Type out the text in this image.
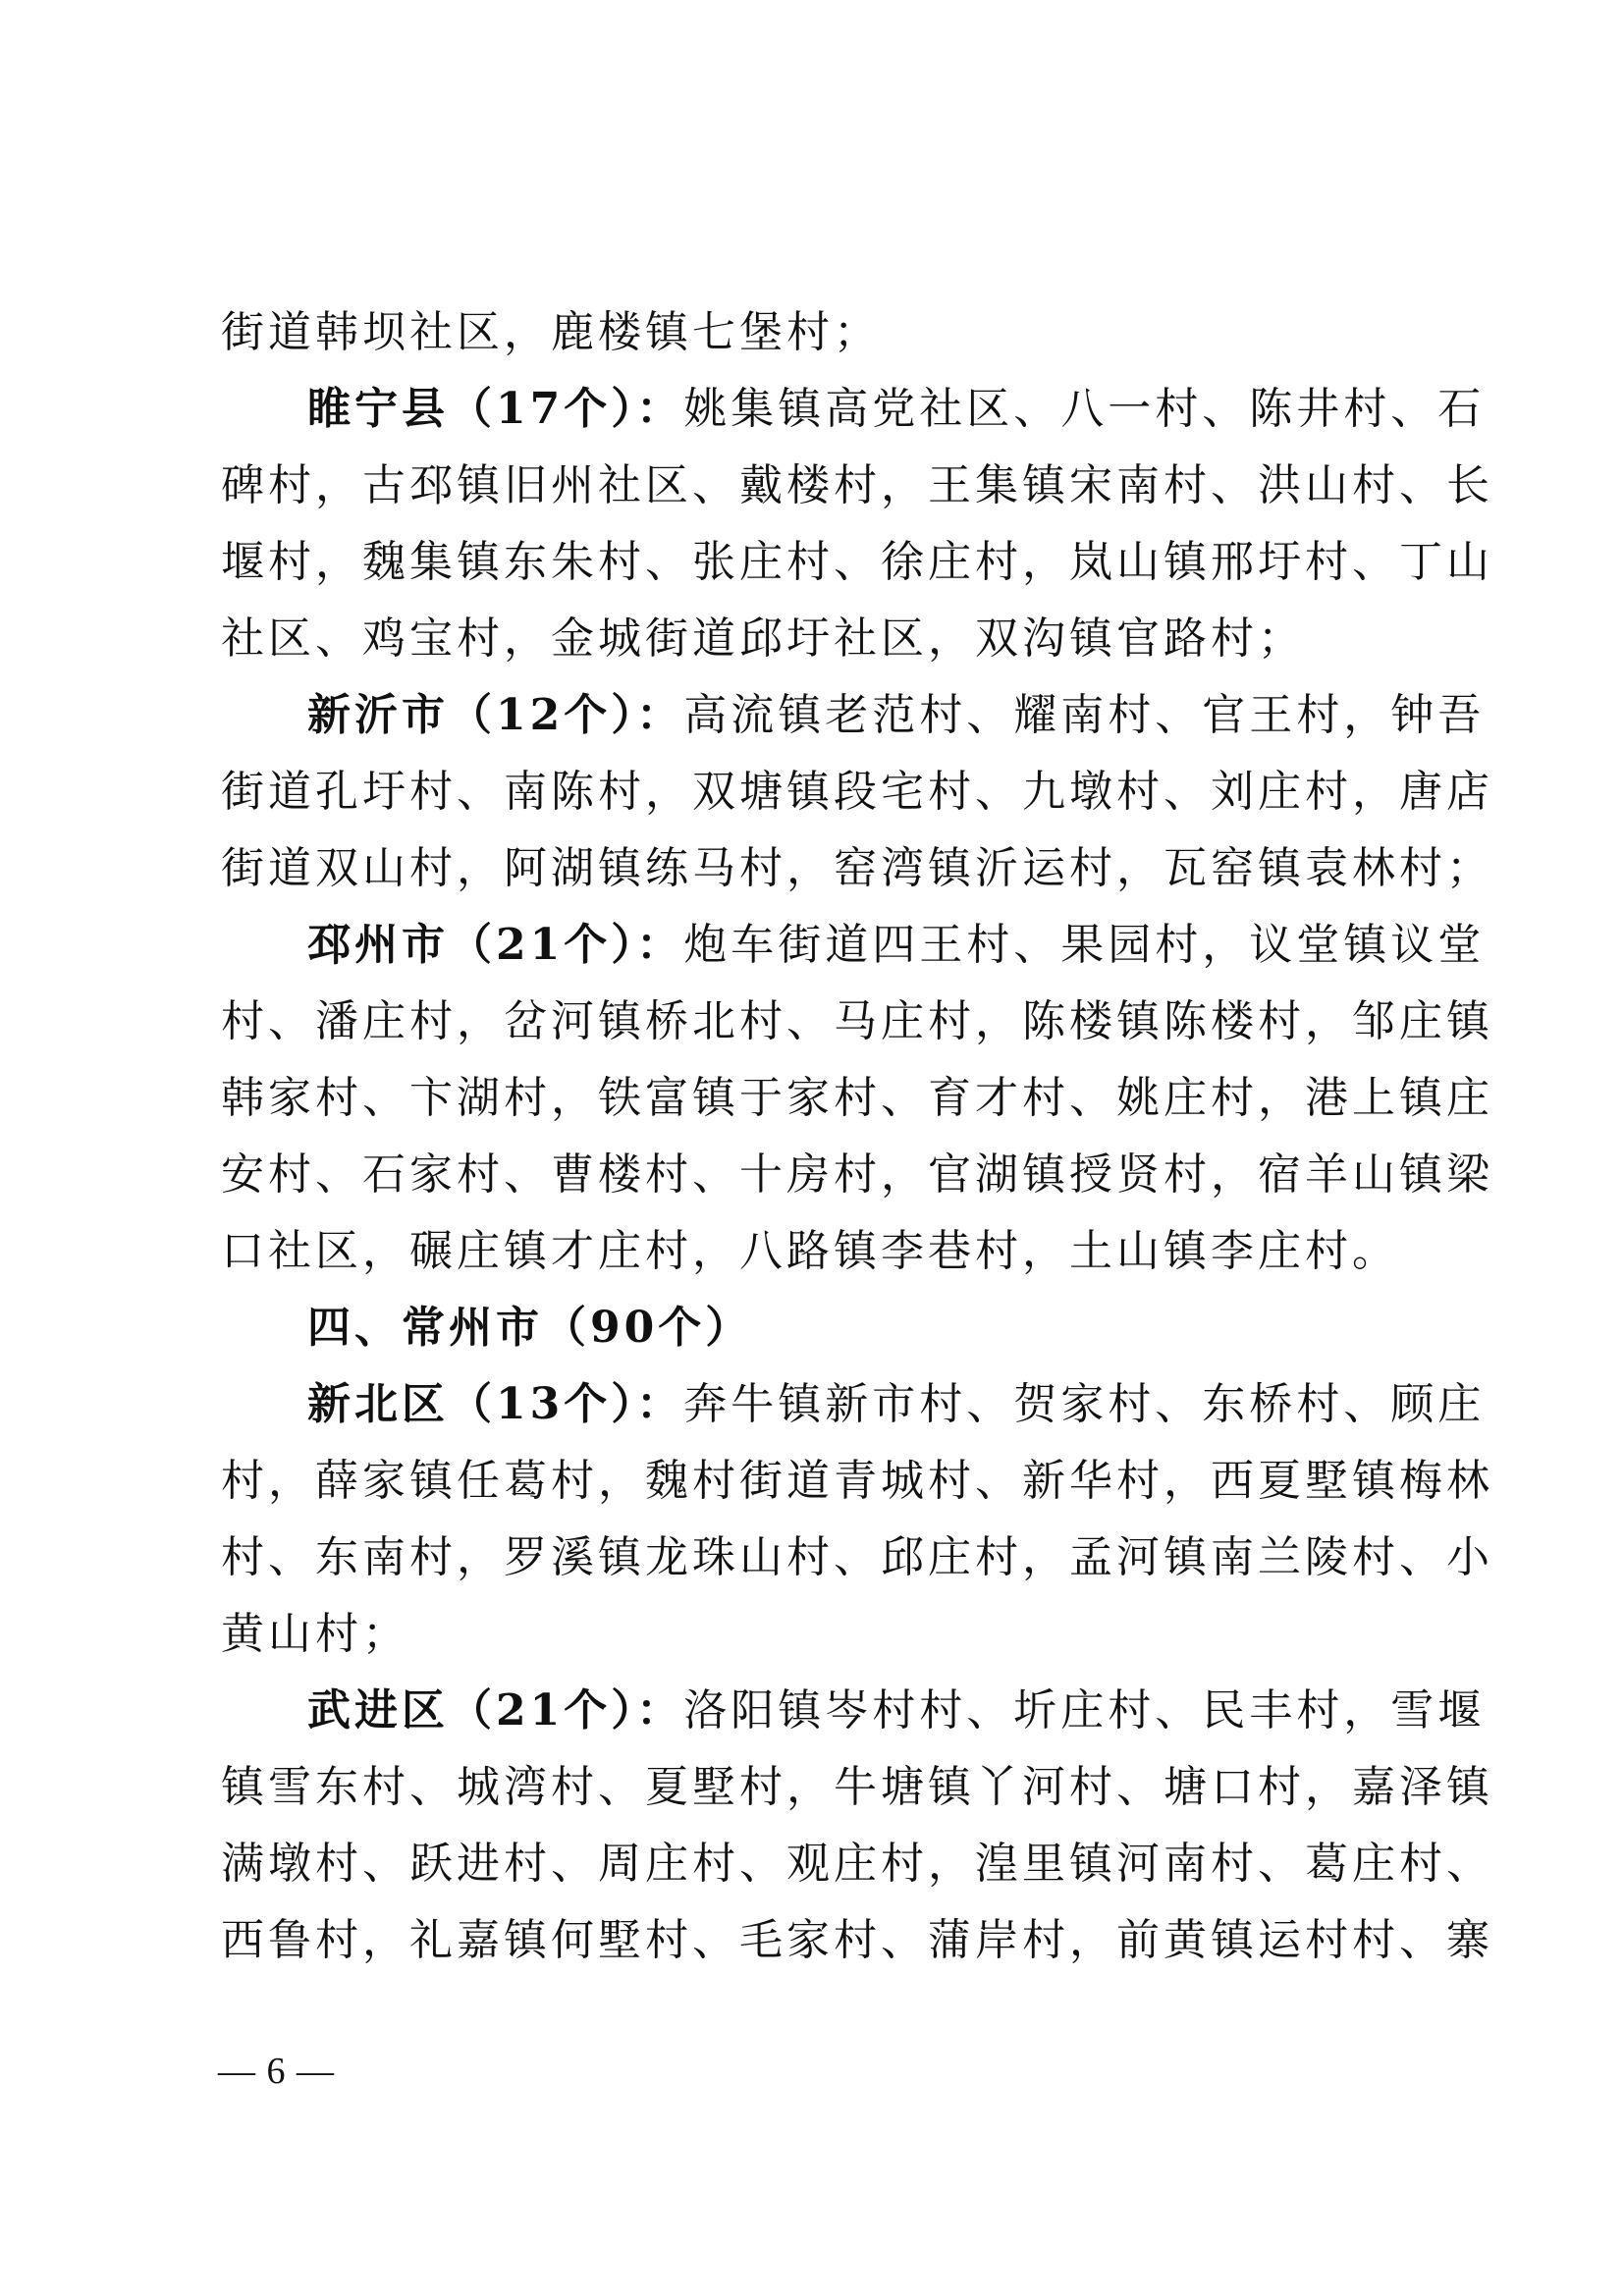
街道韩坝社区，鹿楼镇七堡村；
睢宁县（17个）：姚集镇高党社区、八一村、陈井村、石
碑村，古邳镇旧州社区、戴楼村，王集镇宋南村、洪山村、长
堰村，魏集镇东朱村、张庄村、徐庄村，岚山镇邢圩村、丁山
社区、鸡宝村，金城街道邱圩社区，双沟镇官路村；
新沂市（12个）：高流镇老范村、耀南村、官王村，钟吾
街道孔圩村、南陈村，双塘镇段宅村、九墩村、刘庄村，唐店
街道双山村，阿湖镇练马村，窑湾镇沂运村，瓦窑镇袁林村；
邳州市（21个）：炮车街道四王村、果园村，议堂镇议堂
村、潘庄村，岔河镇桥北村、马庄村，陈楼镇陈楼村，邹庄镇
韩家村、卞湖村，铁富镇于家村、育才村、姚庄村，港上镇庄
安村、石家村、曹楼村、十房村，官湖镇授贤村，宿羊山镇梁
口社区，碾庄镇才庄村，八路镇李巷村，土山镇李庄村。
四、常州市（90个）
新北区（13个）：奔牛镇新市村、贺家村、东桥村、顾庄
村，薛家镇任葛村，魏村街道青城村、新华村，西夏墅镇梅林
村、东南村，罗溪镇龙珠山村、邱庄村，孟河镇南兰陵村、小
黄山村；
武进区（21个）：洛阳镇岑村村、圻庄村、民丰村，雪堰
镇雪东村、城湾村、夏墅村，牛塘镇丫河村、塘口村，嘉泽镇
满墩村、跃进村、周庄村、观庄村，湟里镇河南村、葛庄村、
西鲁村，礼嘉镇何墅村、毛家村、蒲岸村，前黄镇运村村、寨
— 6 —
